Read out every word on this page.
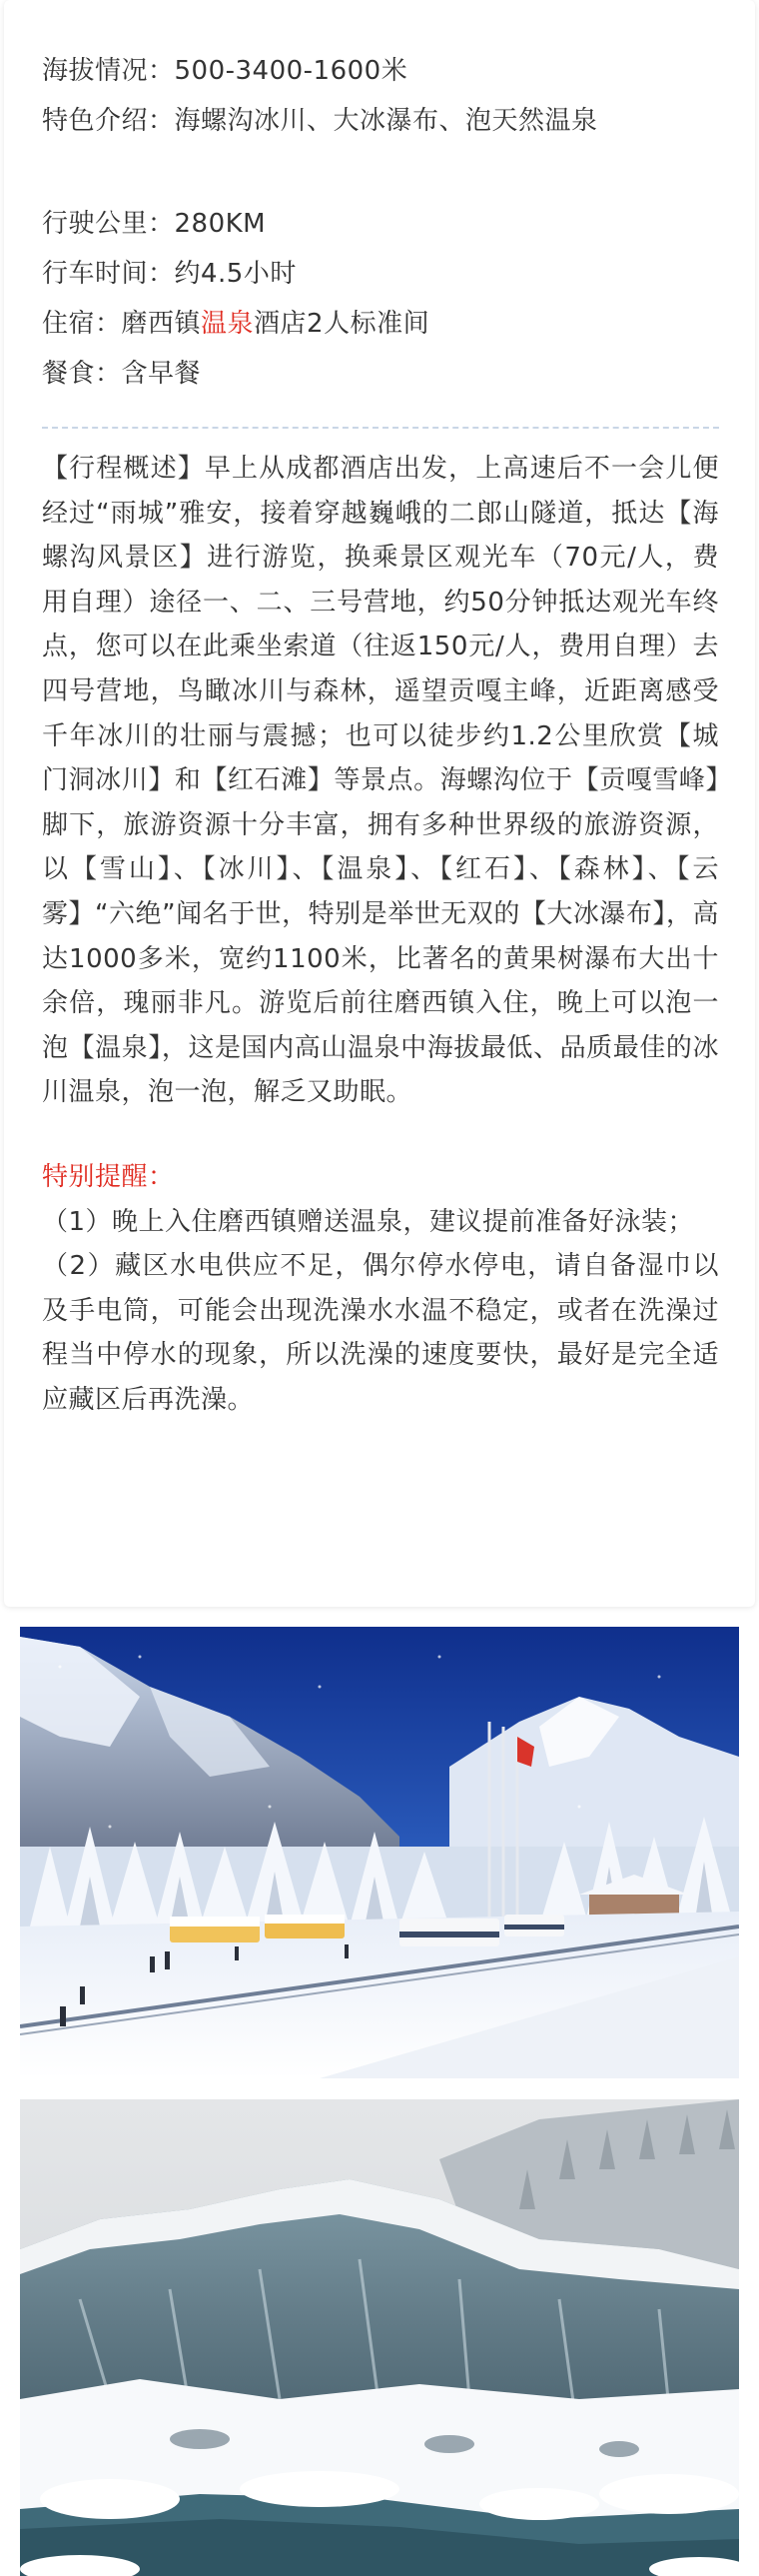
海拔情况：500-3400-1600米
特色介绍：海螺沟冰川、大冰瀑布、泡天然温泉
行驶公里：280KM
行车时间：约4.5小时
住宿：磨西镇温泉酒店2人标准间
餐食：含早餐
【行程概述】早上从成都酒店出发，上高速后不一会儿便经过“雨城”雅安，接着穿越巍峨的二郎山隧道，抵达【海螺沟风景区】进行游览，换乘景区观光车（70元/人，费用自理）途径一、二、三号营地，约50分钟抵达观光车终点，您可以在此乘坐索道（往返150元/人，费用自理）去四号营地，鸟瞰冰川与森林，遥望贡嘎主峰，近距离感受千年冰川的壮丽与震撼；也可以徒步约1.2公里欣赏【城门洞冰川】和【红石滩】等景点。海螺沟位于【贡嘎雪峰】脚下，旅游资源十分丰富，拥有多种世界级的旅游资源，以【雪山】、【冰川】、【温泉】、【红石】、【森林】、【云雾】“六绝”闻名于世，特别是举世无双的【大冰瀑布】，高达1000多米，宽约1100米，比著名的黄果树瀑布大出十余倍，瑰丽非凡。游览后前往磨西镇入住，晚上可以泡一泡【温泉】，这是国内高山温泉中海拔最低、品质最佳的冰川温泉，泡一泡，解乏又助眠。
特别提醒：
（1）晚上入住磨西镇赠送温泉，建议提前准备好泳装；
（2）藏区水电供应不足，偶尔停水停电，请自备湿巾以及手电筒，可能会出现洗澡水水温不稳定，或者在洗澡过程当中停水的现象，所以洗澡的速度要快，最好是完全适应藏区后再洗澡。
